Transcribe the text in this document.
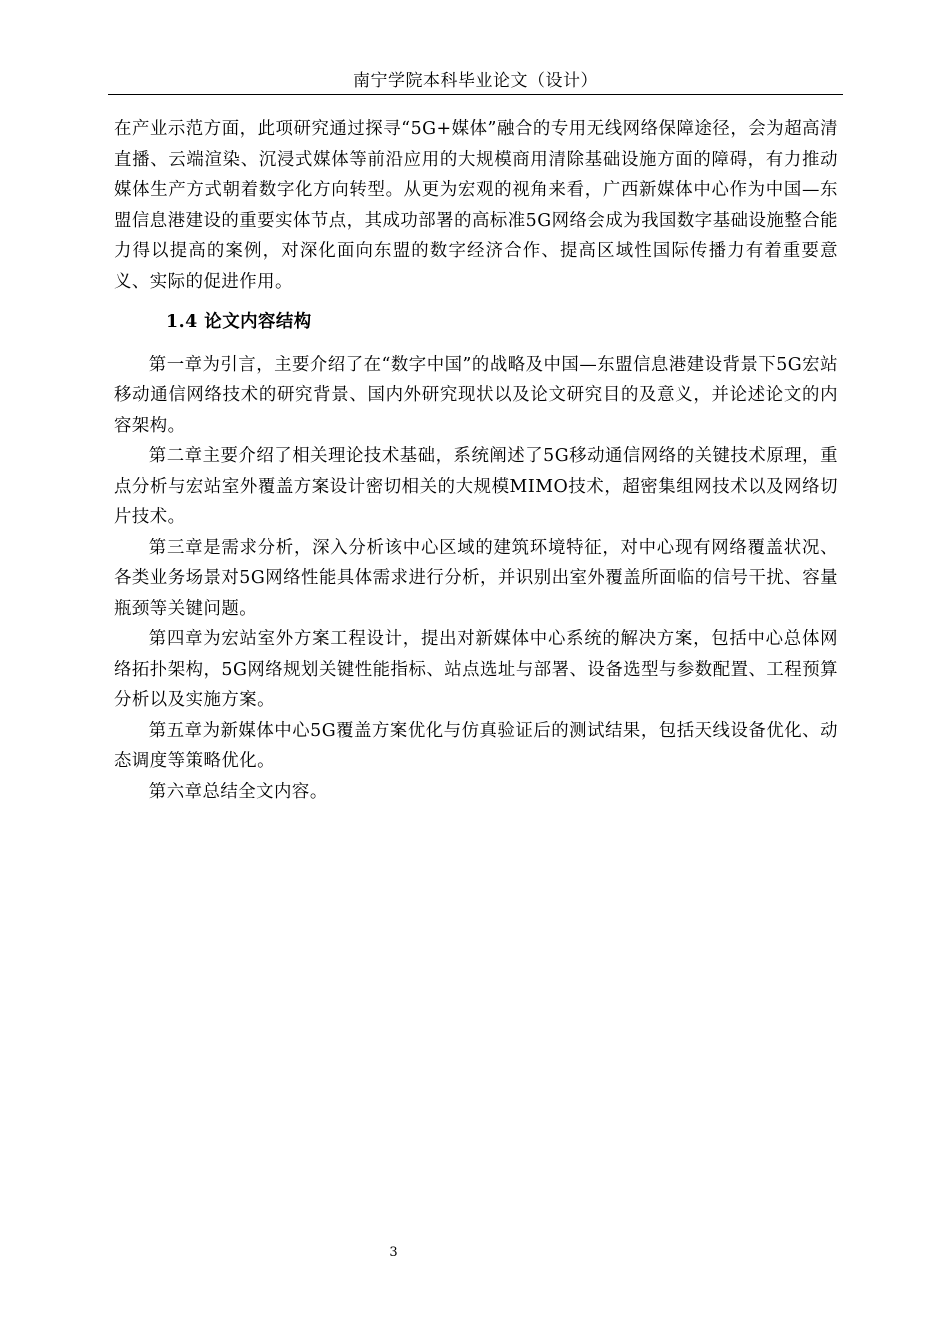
南宁学院本科毕业论文（设计）

在产业示范方面，此项研究通过探寻“5G+媒体”融合的专用无线网络保障途径，会为超高清直播、云端渲染、沉浸式媒体等前沿应用的大规模商用清除基础设施方面的障碍，有力推动媒体生产方式朝着数字化方向转型。从更为宏观的视角来看，广西新媒体中心作为中国—东盟信息港建设的重要实体节点，其成功部署的高标准5G网络会成为我国数字基础设施整合能力得以提高的案例，对深化面向东盟的数字经济合作、提高区域性国际传播力有着重要意义、实际的促进作用。

1.4 论文内容结构

第一章为引言，主要介绍了在“数字中国”的战略及中国—东盟信息港建设背景下5G宏站移动通信网络技术的研究背景、国内外研究现状以及论文研究目的及意义，并论述论文的内容架构。

第二章主要介绍了相关理论技术基础，系统阐述了5G移动通信网络的关键技术原理，重点分析与宏站室外覆盖方案设计密切相关的大规模MIMO技术，超密集组网技术以及网络切片技术。

第三章是需求分析，深入分析该中心区域的建筑环境特征，对中心现有网络覆盖状况、各类业务场景对5G网络性能具体需求进行分析，并识别出室外覆盖所面临的信号干扰、容量瓶颈等关键问题。

第四章为宏站室外方案工程设计，提出对新媒体中心系统的解决方案，包括中心总体网络拓扑架构，5G网络规划关键性能指标、站点选址与部署、设备选型与参数配置、工程预算分析以及实施方案。

第五章为新媒体中心5G覆盖方案优化与仿真验证后的测试结果，包括天线设备优化、动态调度等策略优化。

第六章总结全文内容。

3
